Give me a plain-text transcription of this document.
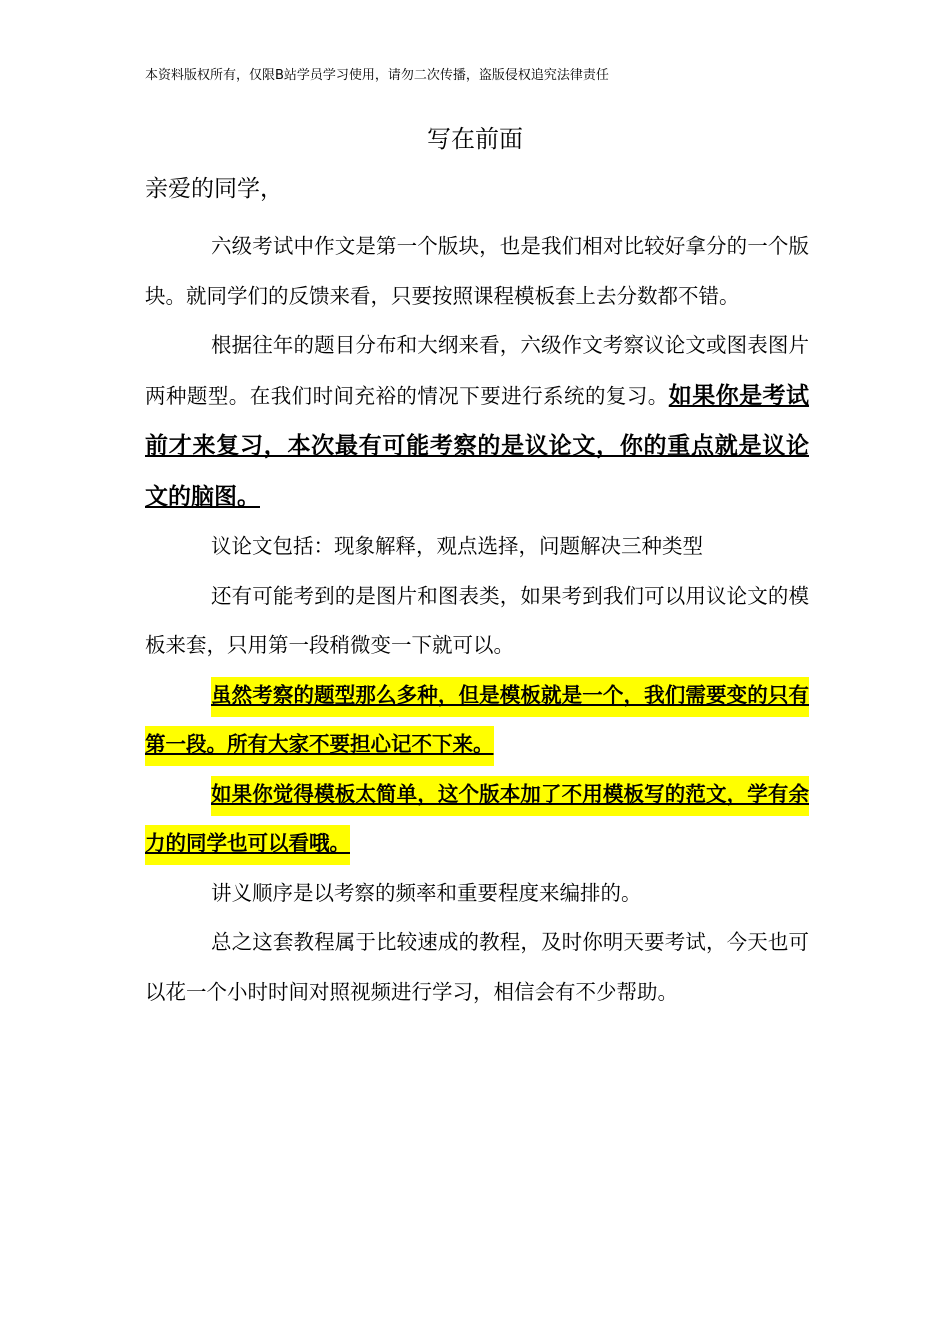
本资料版权所有，仅限B站学员学习使用，请勿二次传播，盗版侵权追究法律责任
写在前面
亲爱的同学，

六级考试中作文是第一个版块，也是我们相对比较好拿分的一个版块。就同学们的反馈来看，只要按照课程模板套上去分数都不错。

根据往年的题目分布和大纲来看，六级作文考察议论文或图表图片两种题型。在我们时间充裕的情况下要进行系统的复习。如果你是考试前才来复习，本次最有可能考察的是议论文，你的重点就是议论文的脑图。

议论文包括：现象解释，观点选择，问题解决三种类型

还有可能考到的是图片和图表类，如果考到我们可以用议论文的模板来套，只用第一段稍微变一下就可以。

虽然考察的题型那么多种，但是模板就是一个，我们需要变的只有第一段。所有大家不要担心记不下来。

如果你觉得模板太简单，这个版本加了不用模板写的范文，学有余力的同学也可以看哦。

讲义顺序是以考察的频率和重要程度来编排的。

总之这套教程属于比较速成的教程，及时你明天要考试，今天也可以花一个小时时间对照视频进行学习，相信会有不少帮助。
